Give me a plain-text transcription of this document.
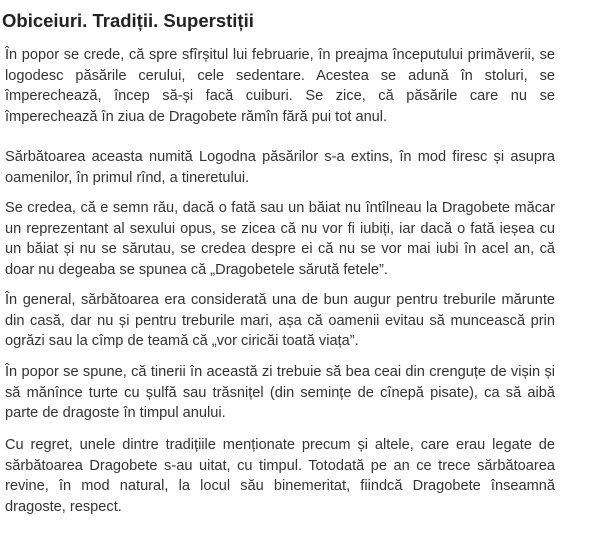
Obiceiuri. Tradiții. Superstiții

În popor se crede, că spre sfîrșitul lui februarie, în preajma începutului primăverii, se logodesc păsările cerului, cele sedentare. Acestea se adună în stoluri, se împerechează, încep să-și facă cuiburi. Se zice, că păsările care nu se împerechează în ziua de Dragobete rămîn fără pui tot anul.

Sărbătoarea aceasta numită Logodna păsărilor s-a extins, în mod firesc și asupra oamenilor, în primul rînd, a tineretului.

Se credea, că e semn rău, dacă o fată sau un băiat nu întîlneau la Dragobete măcar un reprezentant al sexului opus, se zicea că nu vor fi iubiți, iar dacă o fată ieșea cu un băiat și nu se sărutau, se credea despre ei că nu se vor mai iubi în acel an, că doar nu degeaba se spunea că „Dragobetele sărută fetele”.

În general, sărbătoarea era considerată una de bun augur pentru treburile mărunte din casă, dar nu și pentru treburile mari, așa că oamenii evitau să muncească prin ogrăzi sau la cîmp de teamă că „vor ciricăi toată viața”.

În popor se spune, că tinerii în această zi trebuie să bea ceai din crenguțe de vișin și să mănînce turte cu șulfă sau trăsnițel (din semințe de cînepă pisate), ca să aibă parte de dragoste în timpul anului.

Cu regret, unele dintre tradițiile menționate precum și altele, care erau legate de sărbătoarea Dragobete s-au uitat, cu timpul. Totodată pe an ce trece sărbătoarea revine, în mod natural, la locul său binemeritat, fiindcă Dragobete înseamnă dragoste, respect.
